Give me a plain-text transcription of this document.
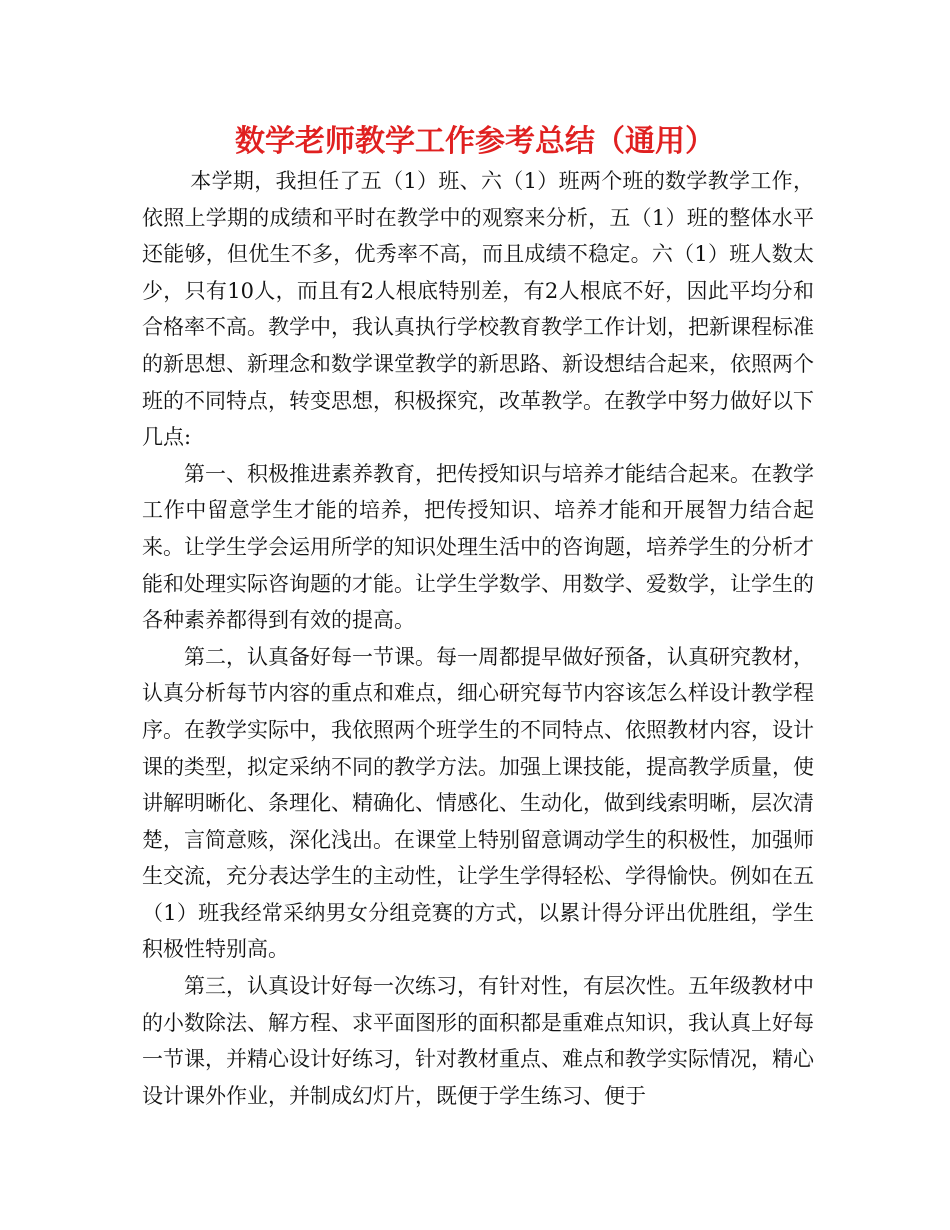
数学老师教学工作参考总结（通用）

本学期，我担任了五（1）班、六（1）班两个班的数学教学工作，依照上学期的成绩和平时在教学中的观察来分析，五（1）班的整体水平还能够，但优生不多，优秀率不高，而且成绩不稳定。六（1）班人数太少，只有10人，而且有2人根底特别差，有2人根底不好，因此平均分和合格率不高。教学中，我认真执行学校教育教学工作计划，把新课程标准的新思想、新理念和数学课堂教学的新思路、新设想结合起来，依照两个班的不同特点，转变思想，积极探究，改革教学。在教学中努力做好以下几点:

第一、积极推进素养教育，把传授知识与培养才能结合起来。在教学工作中留意学生才能的培养，把传授知识、培养才能和开展智力结合起来。让学生学会运用所学的知识处理生活中的咨询题，培养学生的分析才能和处理实际咨询题的才能。让学生学数学、用数学、爱数学，让学生的各种素养都得到有效的提高。

第二，认真备好每一节课。每一周都提早做好预备，认真研究教材，认真分析每节内容的重点和难点，细心研究每节内容该怎么样设计教学程序。在教学实际中，我依照两个班学生的不同特点、依照教材内容，设计课的类型，拟定采纳不同的教学方法。加强上课技能，提高教学质量，使讲解明晰化、条理化、精确化、情感化、生动化，做到线索明晰，层次清楚，言简意赅，深化浅出。在课堂上特别留意调动学生的积极性，加强师生交流，充分表达学生的主动性，让学生学得轻松、学得愉快。例如在五（1）班我经常采纳男女分组竞赛的方式，以累计得分评出优胜组，学生积极性特别高。

第三，认真设计好每一次练习，有针对性，有层次性。五年级教材中的小数除法、解方程、求平面图形的面积都是重难点知识，我认真上好每一节课，并精心设计好练习，针对教材重点、难点和教学实际情况，精心设计课外作业，并制成幻灯片，既便于学生练习、便于
